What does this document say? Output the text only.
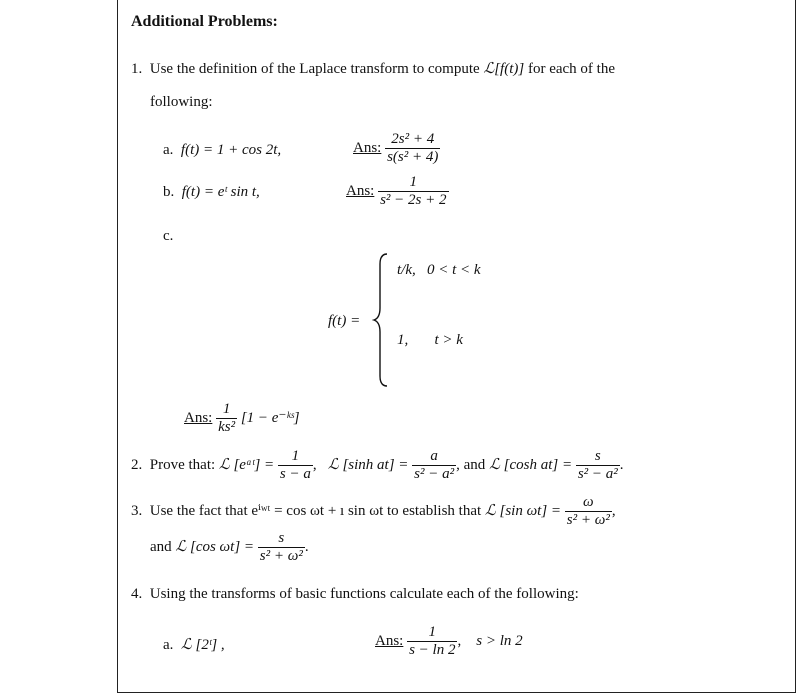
Additional Problems:
1. Use the definition of the Laplace transform to compute ℒ[f(t)] for each of the
following:
a. f(t) = 1 + cos 2t,	Ans: $\frac{\text{2s² + 4}}{\text{s(s² + 4)}}$
b. f(t) = eᵗ sin t,	Ans: $\frac{1}{\text{s² − 2s + 2}}$
c.
f(t) =
t/k, 0 < t < k
1, t > k
Ans: $\frac{1}{\text{ks²}} [1$ − e⁻ᵏˢ]
2. Prove that: ℒ [eᵃᵗ] = $\frac{1}{s - a}$ ,   ℒ [sinh $at] = \frac{a}{\text{s² − a²}}$ , and ℒ [cosh $at] = \frac{s}{\text{s² − a²}}$ .
3. Use the fact that eⁱʷᵗ = cos ωt + ı sin ωt to establish that ℒ [sin $\omega t] = \frac{\omega}{\text{s² + ω²}}$ ,
and ℒ [cos $\omega t] = \frac{s}{\text{s² + ω²}}$ .
4. Using the transforms of basic functions calculate each of the following:
a. ℒ [2ᵗ] ,	Ans: $\frac{1}{s - \ln 2}$ ,    s > ln 2
